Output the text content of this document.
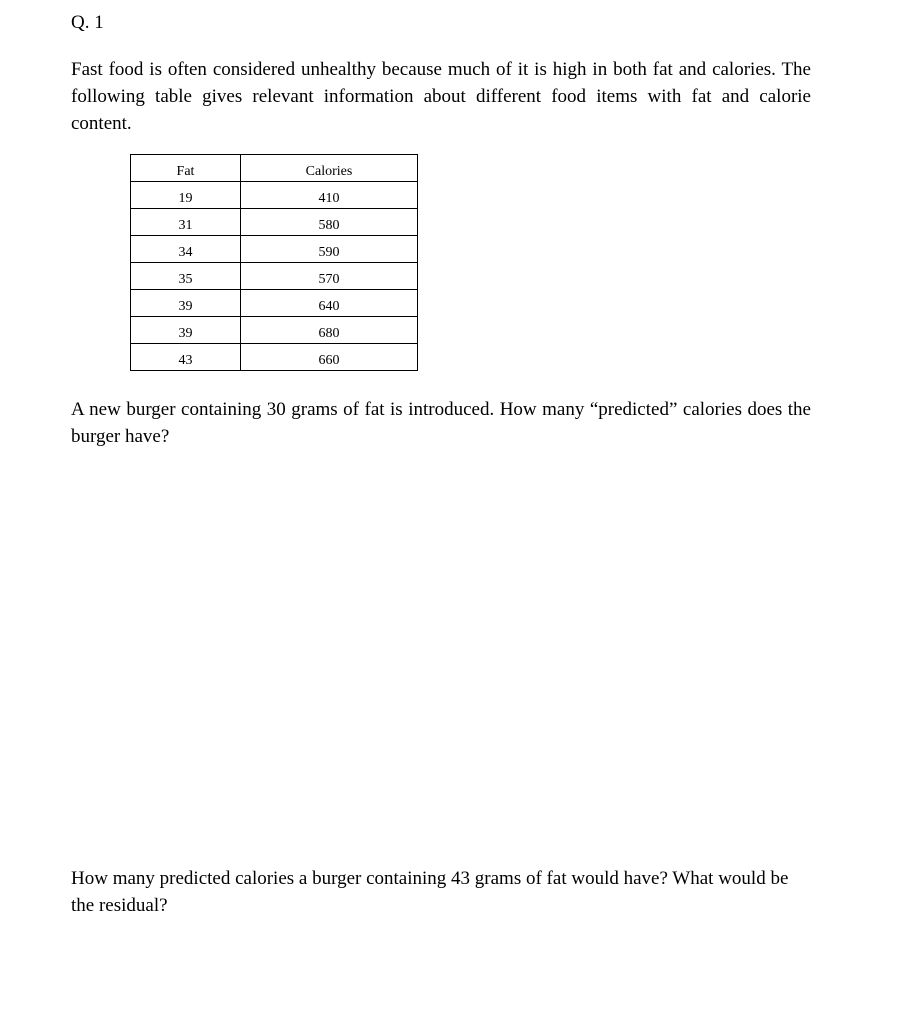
Q. 1

Fast food is often considered unhealthy because much of it is high in both fat and calories. The following table gives relevant information about different food items with fat and calorie content.

Fat	Calories
19	410
31	580
34	590
35	570
39	640
39	680
43	660

A new burger containing 30 grams of fat is introduced. How many “predicted” calories does the burger have?

How many predicted calories a burger containing 43 grams of fat would have? What would be the residual?
